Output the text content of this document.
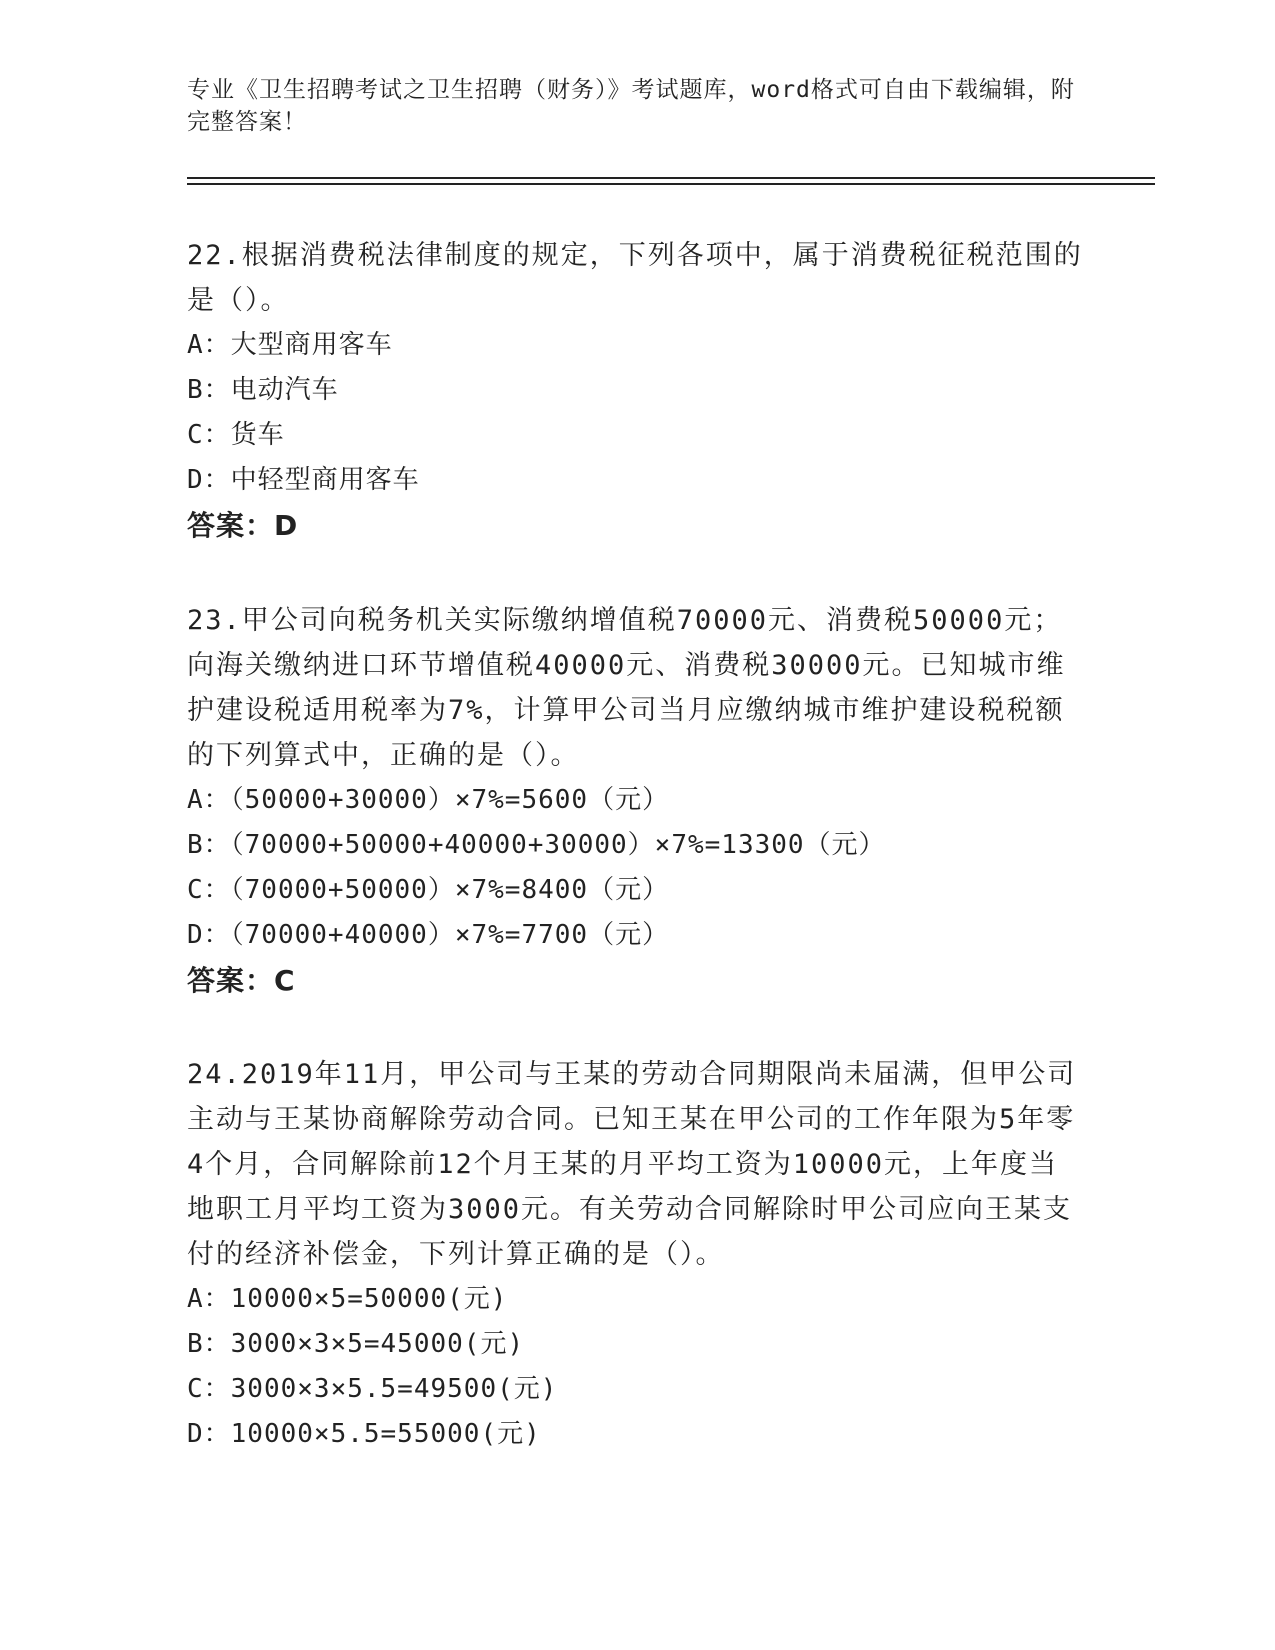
专业《卫生招聘考试之卫生招聘（财务）》考试题库，word格式可自由下载编辑，附完整答案！

22.根据消费税法律制度的规定，下列各项中，属于消费税征税范围的是（）。

A：大型商用客车

B：电动汽车

C：货车

D：中轻型商用客车

答案：D

23.甲公司向税务机关实际缴纳增值税70000元、消费税50000元；向海关缴纳进口环节增值税40000元、消费税30000元。已知城市维护建设税适用税率为7%，计算甲公司当月应缴纳城市维护建设税税额的下列算式中，正确的是（）。

A：（50000+30000）×7%=5600（元）

B：（70000+50000+40000+30000）×7%=13300（元）

C：（70000+50000）×7%=8400（元）

D：（70000+40000）×7%=7700（元）

答案：C

24.2019年11月，甲公司与王某的劳动合同期限尚未届满，但甲公司主动与王某协商解除劳动合同。已知王某在甲公司的工作年限为5年零4个月，合同解除前12个月王某的月平均工资为10000元，上年度当地职工月平均工资为3000元。有关劳动合同解除时甲公司应向王某支付的经济补偿金，下列计算正确的是（）。

A：10000×5=50000(元)

B：3000×3×5=45000(元)

C：3000×3×5.5=49500(元)

D：10000×5.5=55000(元)
